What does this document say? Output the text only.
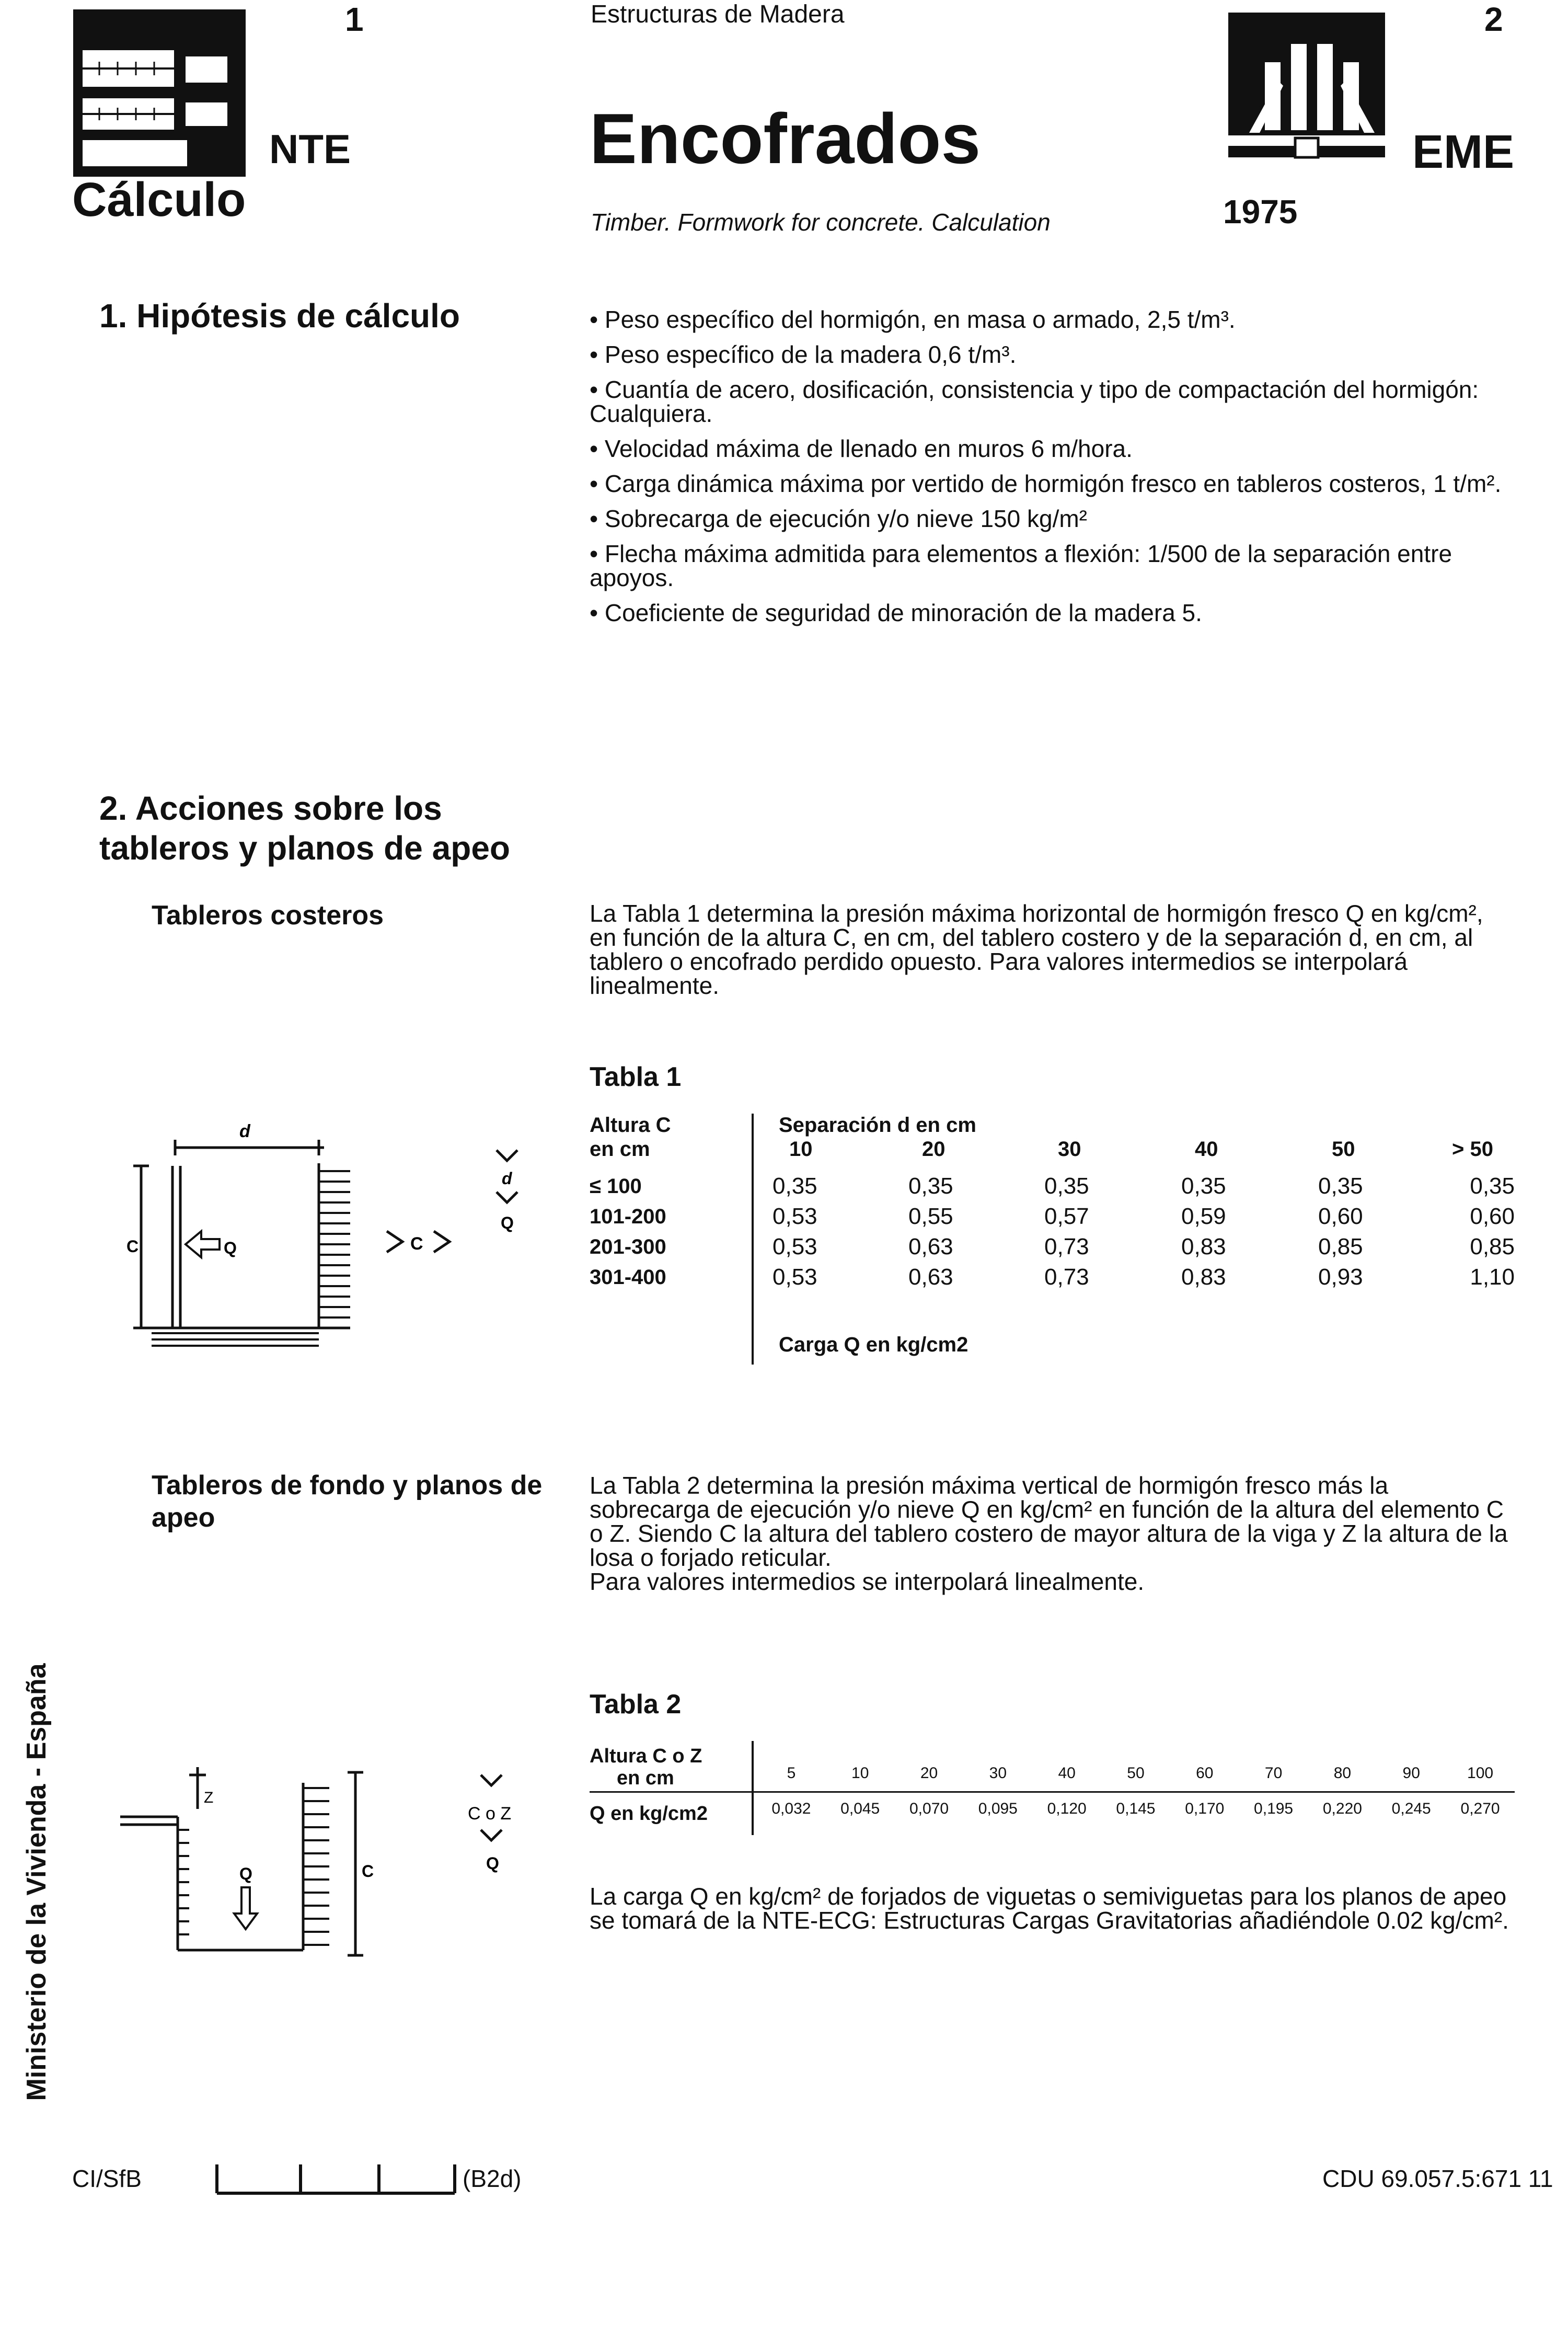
1
NTE
Cálculo
Estructuras de Madera
Encofrados
Timber. Formwork for concrete. Calculation
2
EME
1975
1. Hipótesis de cálculo	• Peso específico del hormigón, en masa o armado, 2,5 t/m³.
• Peso específico de la madera 0,6 t/m³.
• Cuantía de acero, dosificación, consistencia y tipo de compactación del hormigón: Cualquiera.
• Velocidad máxima de llenado en muros 6 m/hora.
• Carga dinámica máxima por vertido de hormigón fresco en tableros costeros, 1 t/m².
• Sobrecarga de ejecución y/o nieve 150 kg/m²
• Flecha máxima admitida para elementos a flexión: 1/500 de la separación entre apoyos.
• Coeficiente de seguridad de minoración de la madera 5.
2. Acciones sobre los tableros y planos de apeo
Tableros costeros	La Tabla 1 determina la presión máxima horizontal de hormigón fresco Q en kg/cm², en función de la altura C, en cm, del tablero costero y de la separación d, en cm, al tablero o encofrado perdido opuesto. Para valores intermedios se interpolará linealmente.
Tabla 1
Q
d
C	C
d
Q
Altura C
en cm
Separación d en cm
10	20	30	40	50	> 50
≤ 100	0,35	0,35	0,35	0,35	0,35	0,35
101-200	0,53	0,55	0,57	0,59	0,60	0,60
201-300	0,53	0,63	0,73	0,83	0,85	0,85
301-400	0,53	0,63	0,73	0,83	0,93	1,10
Carga Q en kg/cm2
Tableros de fondo y planos de apeo
La Tabla 2 determina la presión máxima vertical de hormigón fresco más la sobrecarga de ejecución y/o nieve Q en kg/cm² en función de la altura del elemento C o Z. Siendo C la altura del tablero costero de mayor altura de la viga y Z la altura de la losa o forjado reticular.
Para valores intermedios se interpolará linealmente.
Tabla 2
Q
Z
C
C o Z
Q
Altura C o Z
en cm
Q en kg/cm2
5	10	20	30	40	50	60	70	80	90	100
0,032	0,045	0,070	0,095	0,120	0,145	0,170	0,195	0,220	0,245	0,270
La carga Q en kg/cm² de forjados de viguetas o semiviguetas para los planos de apeo se tomará de la NTE-ECG: Estructuras Cargas Gravitatorias añadiéndole 0.02 kg/cm².
Ministerio de la Vivienda - España
CI/SfB	(B2d)	CDU 69.057.5:671 11
